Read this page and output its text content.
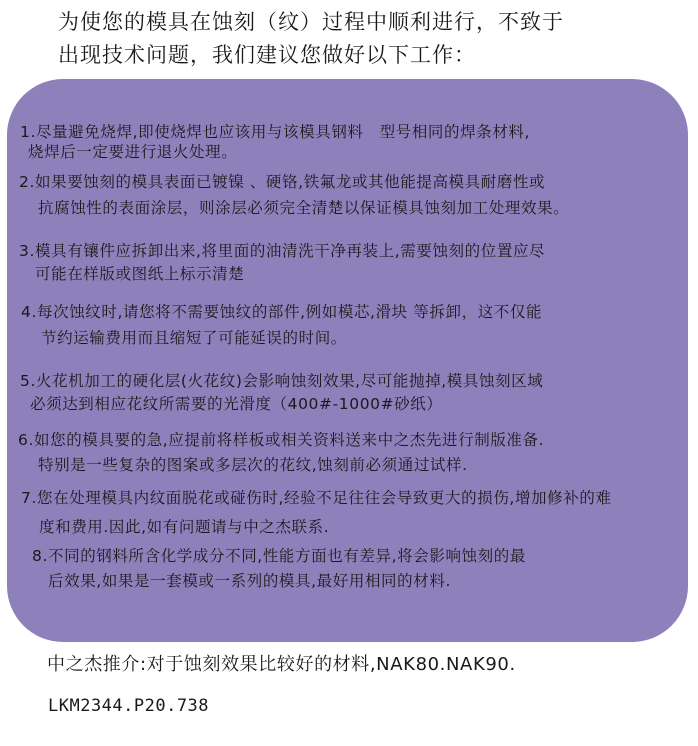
为使您的模具在蚀刻（纹）过程中顺利进行，不致于
出现技术问题，我们建议您做好以下工作：
1.尽量避免烧焊,即使烧焊也应该用与该模具钢料　型号相同的焊条材料,
烧焊后一定要进行退火处理。
2.如果要蚀刻的模具表面已镀镍 、硬铬,铁氟龙或其他能提高模具耐磨性或
抗腐蚀性的表面涂层，则涂层必须完全清楚以保证模具蚀刻加工处理效果。
3.模具有镶件应拆卸出来,将里面的油清洗干净再装上,需要蚀刻的位置应尽
可能在样版或图纸上标示清楚
4.每次蚀纹时,请您将不需要蚀纹的部件,例如模芯,滑块 等拆卸，这不仅能
节约运输费用而且缩短了可能延误的时间。
5.火花机加工的硬化层(火花纹)会影响蚀刻效果,尽可能抛掉,模具蚀刻区域
必须达到相应花纹所需要的光滑度（400#-1000#砂纸）
6.如您的模具要的急,应提前将样板或相关资料送来中之杰先进行制版准备.
特别是一些复杂的图案或多层次的花纹,蚀刻前必须通过试样.
7.您在处理模具内纹面脱花或碰伤时,经验不足往往会导致更大的损伤,增加修补的难
度和费用.因此,如有问题请与中之杰联系.
8.不同的钢料所含化学成分不同,性能方面也有差异,将会影响蚀刻的最
后效果,如果是一套模或一系列的模具,最好用相同的材料.
中之杰推介:对于蚀刻效果比较好的材料,NAK80.NAK90.
LKM2344.P20.738
